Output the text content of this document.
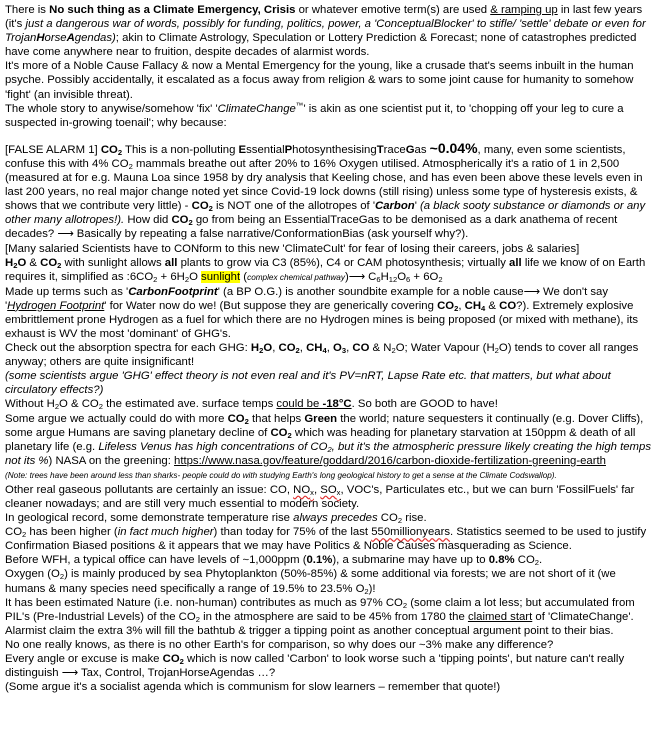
There is No such thing as a Climate Emergency, Crisis or whatever emotive term(s) are used & ramping up in last few years (it's just a dangerous war of words, possibly for funding, politics, power, a 'ConceptualBlocker' to stifle/ 'settle' debate or even for TrojanHorseAgendas); akin to Climate Astrology, Speculation or Lottery Prediction & Forecast; none of catastrophes predicted have come anywhere near to fruition, despite decades of alarmist words.

It's more of a Noble Cause Fallacy & now a Mental Emergency for the young, like a crusade that's seems inbuilt in the human psyche. Possibly accidentally, it escalated as a focus away from religion & wars to some joint cause for humanity to somehow 'fight' (an invisible threat).

The whole story to anywise/somehow 'fix' 'ClimateChange™' is akin as one scientist put it, to 'chopping off your leg to cure a suspected in-growing toenail'; why because:

[FALSE ALARM 1] $CO_2$ This is a non-polluting EssentialPhotosynthesisingTraceGas ~0.04%, many, even some scientists, confuse this with 4% $CO_2$ mammals breathe out after 20% to 16% Oxygen utilised. Atmospherically it's a ratio of 1 in 2,500 (measured at for e.g. Mauna Loa since 1958 by dry analysis that Keeling chose, and has even been above these levels even in last 200 years, no real major change noted yet since Covid-19 lock downs (still rising) unless some type of hysteresis exists, & shows that we contribute very little) - $CO_2$ is NOT one of the allotropes of 'Carbon' (a black sooty substance or diamonds or any other many allotropes!). How did $CO_2$ go from being an EssentialTraceGas to be demonised as a dark anathema of recent decades? ⟶ Basically by repeating a false narrative/ConformationBias (ask yourself why?).

[Many salaried Scientists have to CONform to this new 'ClimateCult' for fear of losing their careers, jobs & salaries]

$H_2O$ & $CO_2$ with sunlight allows all plants to grow via C3 (85%), C4 or CAM photosynthesis; virtually all life we know of on Earth requires it, simplified as $:6CO_2 + 6H_2O$ sunlight (complex chemical pathway)⟶ $C_6H_{12}O_6 + 6O_2$

Made up terms such as 'CarbonFootprint' (a BP O.G.) is another soundbite example for a noble cause⟶ We don't say 'Hydrogen Footprint' for Water now do we! (But suppose they are generically covering $CO_2$, $CH_4$ & CO?). Extremely explosive embrittlement prone Hydrogen as a fuel for which there are no Hydrogen mines is being proposed (or mixed with methane), its exhaust is WV the most 'dominant' of GHG's.

Check out the absorption spectra for each GHG: $H_2O$, $CO_2$, $CH_4$, $O_3$, CO & $N_2O$; Water Vapour $(H_2O)$ tends to cover all ranges anyway; others are quite insignificant!

(some scientists argue 'GHG' effect theory is not even real and it's PV=nRT, Lapse Rate etc. that matters, but what about circulatory effects?)

Without $H_2O$ & $CO_2$ the estimated ave. surface temps could be -18°C. So both are GOOD to have!

Some argue we actually could do with more $CO_2$ that helps Green the world; nature sequesters it continually (e.g. Dover Cliffs), some argue Humans are saving planetary decline of $CO_2$ which was heading for planetary starvation at 150ppm & death of all planetary life (e.g. Lifeless Venus has high concentrations of $CO_2$, but it's the atmospheric pressure likely creating the high temps not its %) NASA on the greening: https://www.nasa.gov/feature/goddard/2016/carbon-dioxide-fertilization-greening-earth

(Note: trees have been around less than sharks- people could do with studying Earth's long geological history to get a sense at the Climate Codswallop).

Other real gaseous pollutants are certainly an issue: CO, $NO_x$, $SO_x$, VOC's, Particulates etc., but we can burn 'FossilFuels' far cleaner nowadays; and are still very much essential to modern society.

In geological record, some demonstrate temperature rise always precedes $CO_2$ rise.

$CO_2$ has been higher (in fact much higher) than today for 75% of the last 550millionyears. Statistics seemed to be used to justify Confirmation Biased positions & it appears that we may have Politics & Noble Causes masquerading as Science.

Before WFH, a typical office can have levels of ~1,000ppm (0.1%), a submarine may have up to 0.8% $CO_2$.

Oxygen $(O_2)$ is mainly produced by sea Phytoplankton (50%-85%) & some additional via forests; we are not short of it (we humans & many species need specifically a range of 19.5% to 23.5% $O_2$)!

It has been estimated Nature (i.e. non-human) contributes as much as 97% $CO_2$ (some claim a lot less; but accumulated from PIL's (Pre-Industrial Levels) of the $CO_2$ in the atmosphere are said to be 45% from 1780 the claimed start of 'ClimateChange'.

Alarmist claim the extra 3% will fill the bathtub & trigger a tipping point as another conceptual argument point to their bias.

No one really knows, as there is no other Earth's for comparison, so why does our ~3% make any difference?

Every angle or excuse is make $CO_2$ which is now called 'Carbon' to look worse such a 'tipping points', but nature can't really distinguish ⟶ Tax, Control, TrojanHorseAgendas …?

(Some argue it's a socialist agenda which is communism for slow learners – remember that quote!)
